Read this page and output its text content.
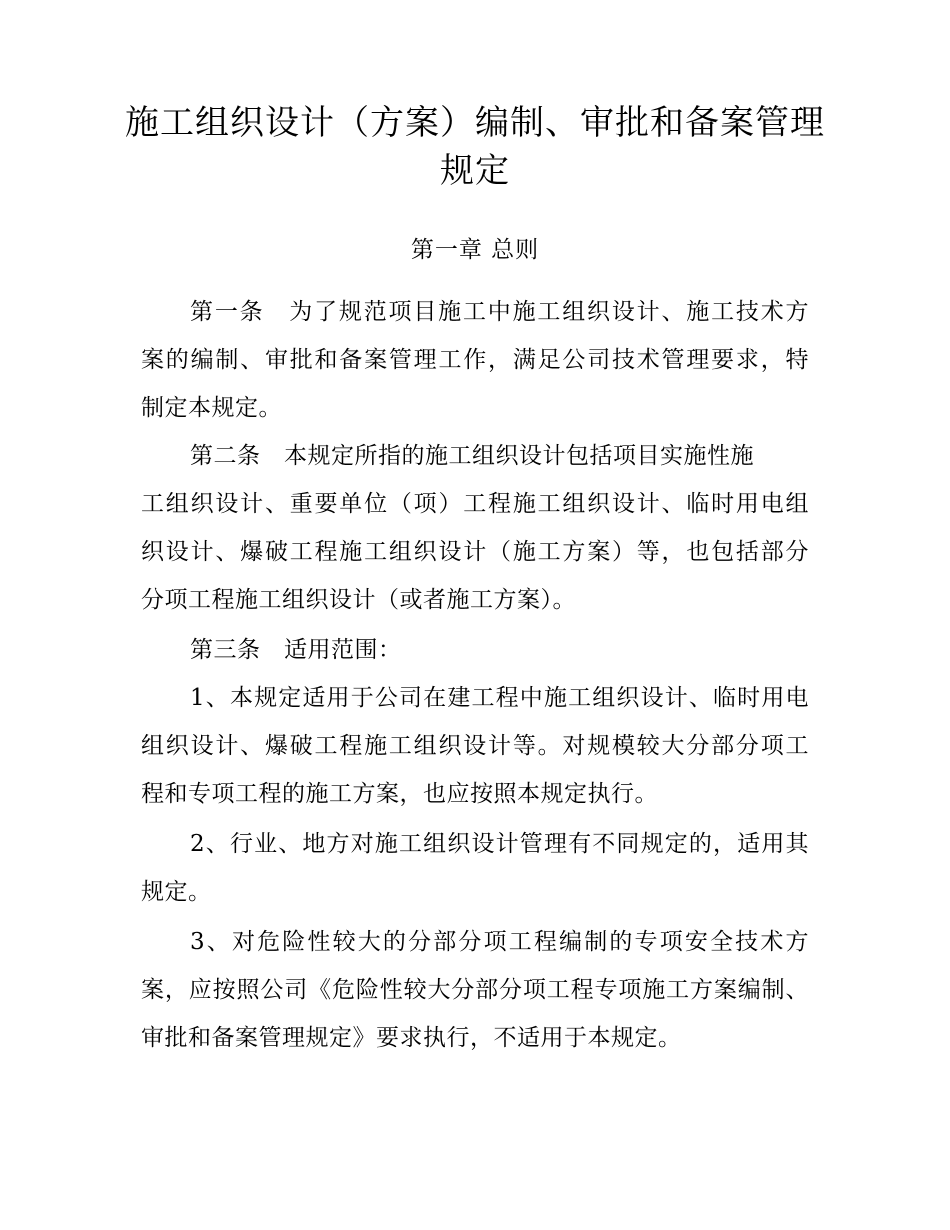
施工组织设计（方案）编制、审批和备案管理
规定
第一章 总则
第一条　为了规范项目施工中施工组织设计、施工技术方
案的编制、审批和备案管理工作，满足公司技术管理要求，特
制定本规定。
第二条　本规定所指的施工组织设计包括项目实施性施
工组织设计、重要单位（项）工程施工组织设计、临时用电组
织设计、爆破工程施工组织设计（施工方案）等，也包括部分
分项工程施工组织设计（或者施工方案）。
第三条　适用范围：
1、本规定适用于公司在建工程中施工组织设计、临时用电
组织设计、爆破工程施工组织设计等。对规模较大分部分项工
程和专项工程的施工方案，也应按照本规定执行。
2、行业、地方对施工组织设计管理有不同规定的，适用其
规定。
3、对危险性较大的分部分项工程编制的专项安全技术方
案，应按照公司《危险性较大分部分项工程专项施工方案编制、
审批和备案管理规定》要求执行，不适用于本规定。
